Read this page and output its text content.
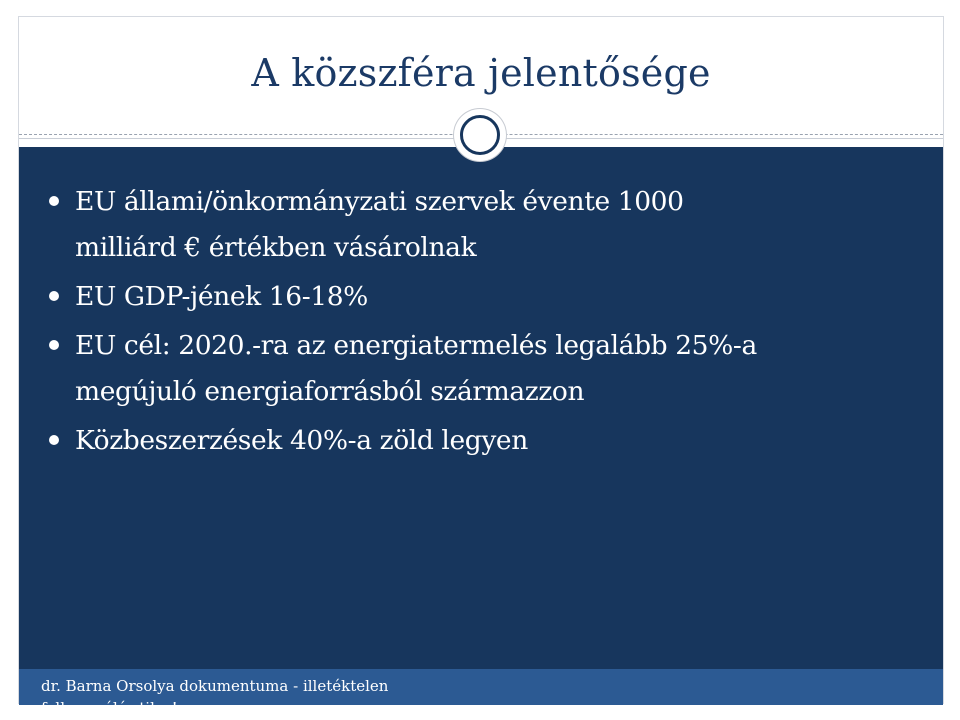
A közszféra jelentősége
EU állami/önkormányzati szervek évente 1000
milliárd € értékben vásárolnak
EU GDP-jének 16-18%
EU cél: 2020.-ra az energiatermelés legalább 25%-a
megújuló energiaforrásból származzon
Közbeszerzések 40%-a zöld legyen
dr. Barna Orsolya dokumentuma - illetéktelen
felhasználás tilos!
